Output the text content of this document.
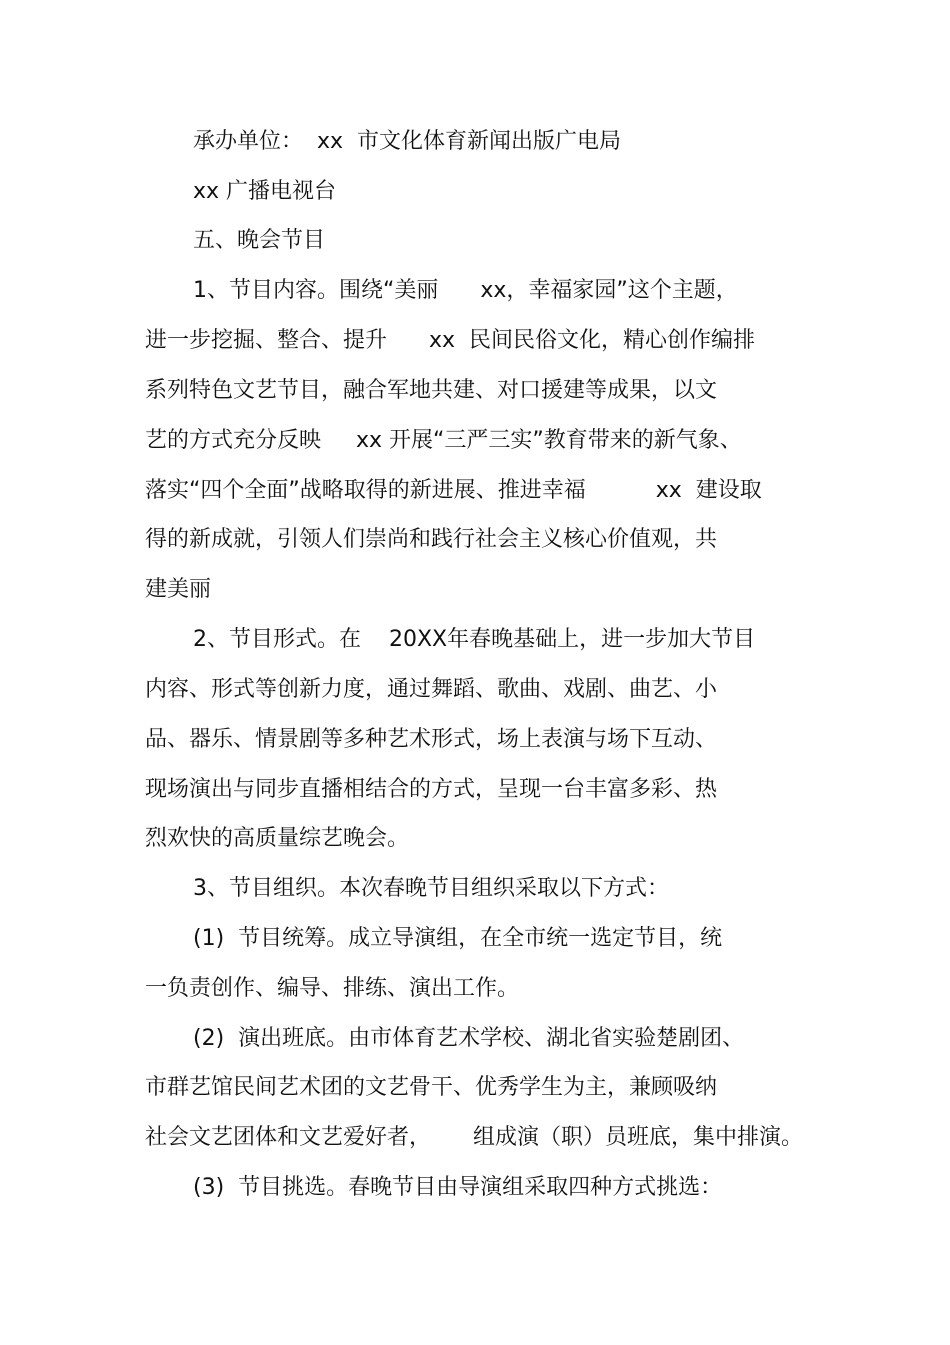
承办单位：  xx  市文化体育新闻出版广电局
xx 广播电视台
五、晚会节目
1、节目内容。围绕“美丽      xx，幸福家园”这个主题，
进一步挖掘、整合、提升      xx  民间民俗文化，精心创作编排
系列特色文艺节目，融合军地共建、对口援建等成果，以文
艺的方式充分反映     xx 开展“三严三实”教育带来的新气象、
落实“四个全面”战略取得的新进展、推进幸福          xx  建设取
得的新成就，引领人们崇尚和践行社会主义核心价值观，共
建美丽
2、节目形式。在    20XX年春晚基础上，进一步加大节目
内容、形式等创新力度，通过舞蹈、歌曲、戏剧、曲艺、小
品、器乐、情景剧等多种艺术形式，场上表演与场下互动、
现场演出与同步直播相结合的方式，呈现一台丰富多彩、热
烈欢快的高质量综艺晚会。
3、节目组织。本次春晚节目组织采取以下方式：
(1)  节目统筹。成立导演组，在全市统一选定节目，统
一负责创作、编导、排练、演出工作。
(2)  演出班底。由市体育艺术学校、湖北省实验楚剧团、
市群艺馆民间艺术团的文艺骨干、优秀学生为主，兼顾吸纳
社会文艺团体和文艺爱好者，      组成演（职）员班底，集中排演。
(3)  节目挑选。春晚节目由导演组采取四种方式挑选：
